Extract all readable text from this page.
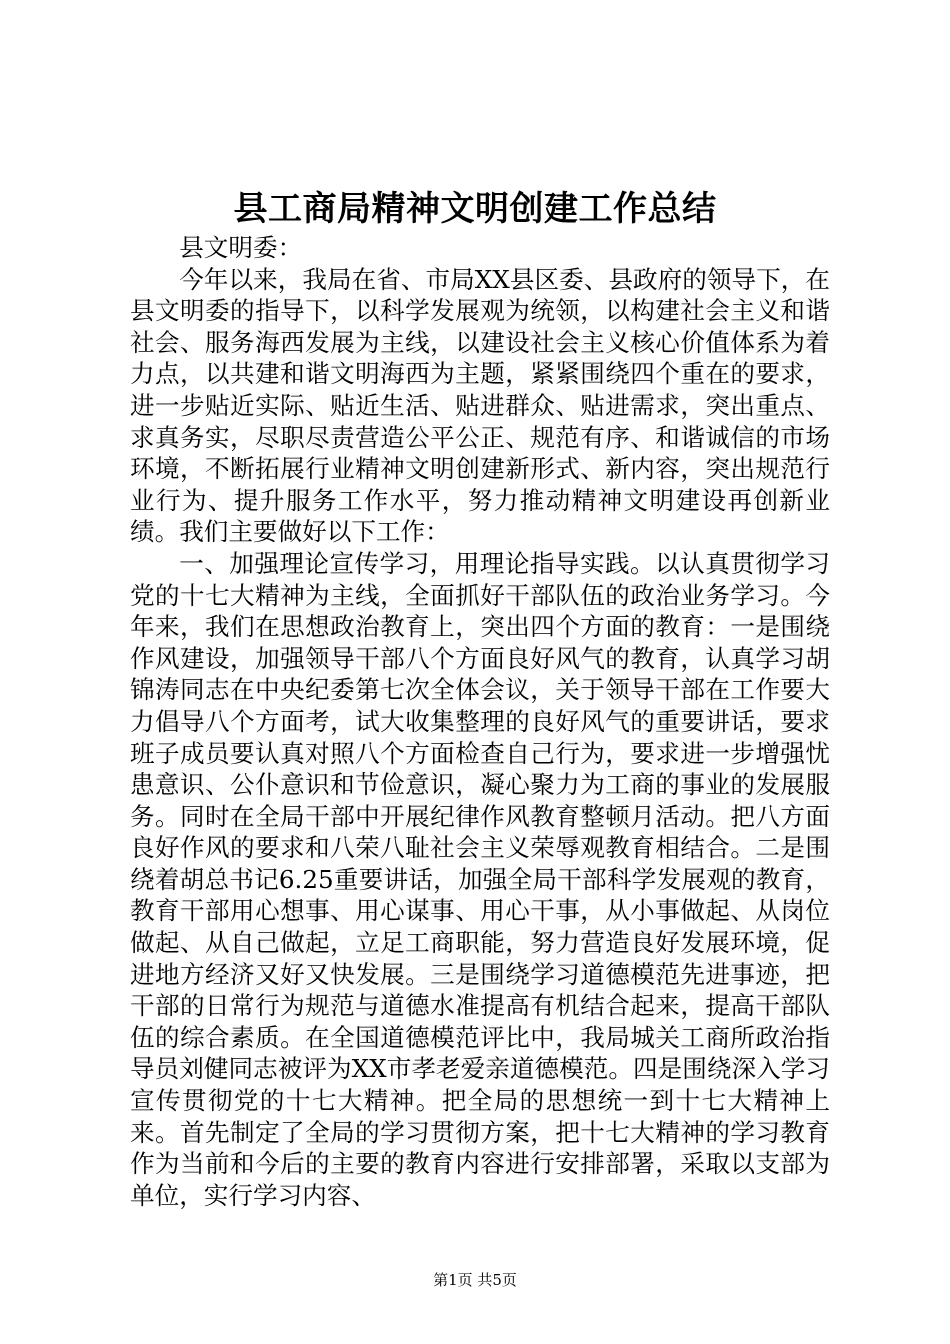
县工商局精神文明创建工作总结

县文明委：

今年以来，我局在省、市局XX县区委、县政府的领导下，在县文明委的指导下，以科学发展观为统领，以构建社会主义和谐社会、服务海西发展为主线，以建设社会主义核心价值体系为着力点，以共建和谐文明海西为主题，紧紧围绕四个重在的要求，进一步贴近实际、贴近生活、贴进群众、贴进需求，突出重点、求真务实，尽职尽责营造公平公正、规范有序、和谐诚信的市场环境，不断拓展行业精神文明创建新形式、新内容，突出规范行业行为、提升服务工作水平，努力推动精神文明建设再创新业绩。我们主要做好以下工作：

一、加强理论宣传学习，用理论指导实践。以认真贯彻学习党的十七大精神为主线，全面抓好干部队伍的政治业务学习。今年来，我们在思想政治教育上，突出四个方面的教育：一是围绕作风建设，加强领导干部八个方面良好风气的教育，认真学习胡锦涛同志在中央纪委第七次全体会议，关于领导干部在工作要大力倡导八个方面考，试大收集整理的良好风气的重要讲话，要求班子成员要认真对照八个方面检查自己行为，要求进一步增强忧患意识、公仆意识和节俭意识，凝心聚力为工商的事业的发展服务。同时在全局干部中开展纪律作风教育整顿月活动。把八方面良好作风的要求和八荣八耻社会主义荣辱观教育相结合。二是围绕着胡总书记6.25重要讲话，加强全局干部科学发展观的教育，教育干部用心想事、用心谋事、用心干事，从小事做起、从岗位做起、从自己做起，立足工商职能，努力营造良好发展环境，促进地方经济又好又快发展。三是围绕学习道德模范先进事迹，把干部的日常行为规范与道德水准提高有机结合起来，提高干部队伍的综合素质。在全国道德模范评比中，我局城关工商所政治指导员刘健同志被评为XX市孝老爱亲道德模范。四是围绕深入学习宣传贯彻党的十七大精神。把全局的思想统一到十七大精神上来。首先制定了全局的学习贯彻方案，把十七大精神的学习教育作为当前和今后的主要的教育内容进行安排部署，采取以支部为单位，实行学习内容、

第1页 共5页
